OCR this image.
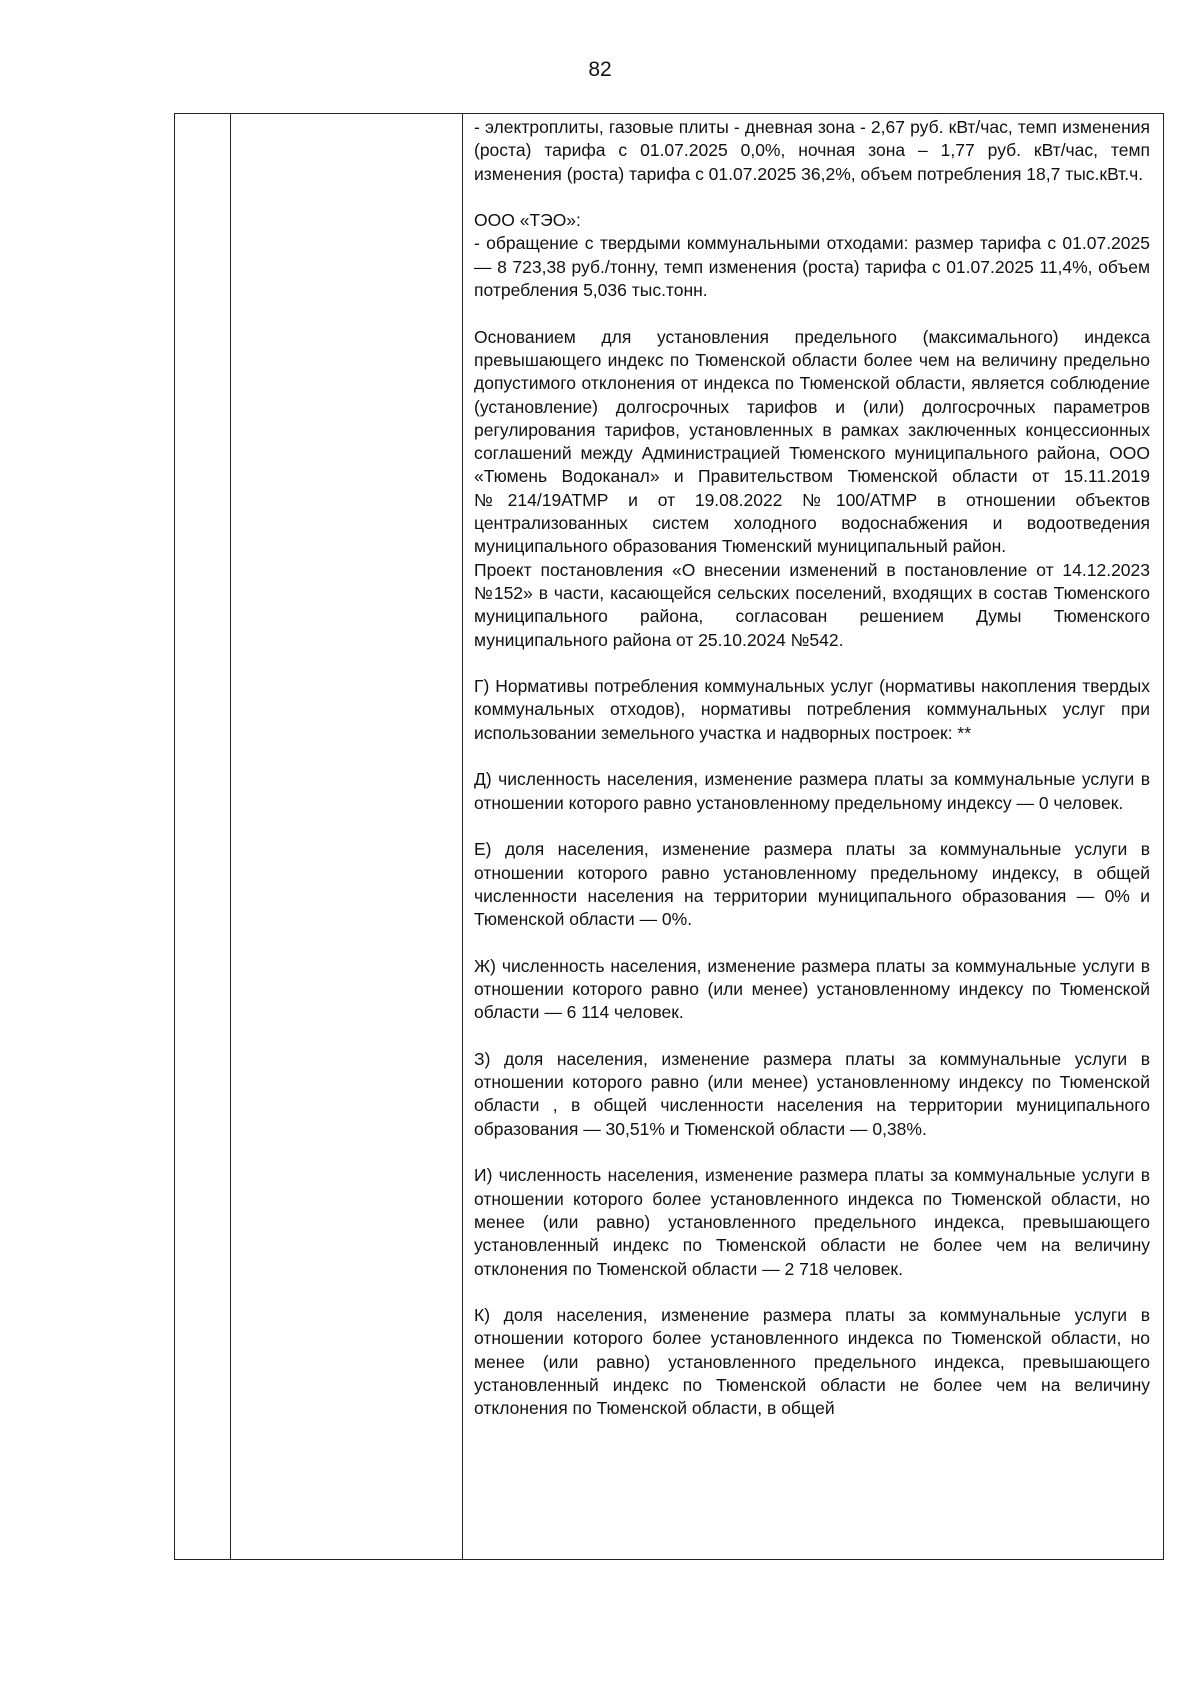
82

- электроплиты, газовые плиты - дневная зона - 2,67 руб. кВт/час, темп изменения (роста) тарифа с 01.07.2025 0,0%, ночная зона – 1,77 руб. кВт/час, темп изменения (роста) тарифа с 01.07.2025 36,2%, объем потребления 18,7 тыс.кВт.ч.

ООО «ТЭО»:

- обращение с твердыми коммунальными отходами: размер тарифа с 01.07.2025 — 8 723,38 руб./тонну, темп изменения (роста) тарифа с 01.07.2025 11,4%, объем потребления 5,036 тыс.тонн.

Основанием для установления предельного (максимального) индекса превышающего индекс по Тюменской области более чем на величину предельно допустимого отклонения от индекса по Тюменской области, является соблюдение (установление) долгосрочных тарифов и (или) долгосрочных параметров регулирования тарифов, установленных в рамках заключенных концессионных соглашений между Администрацией Тюменского муниципального района, ООО «Тюмень Водоканал» и Правительством Тюменской области от 15.11.2019 №214/19АТМР и от 19.08.2022 №100/АТМР в отношении объектов централизованных систем холодного водоснабжения и водоотведения муниципального образования Тюменский муниципальный район.

Проект постановления «О внесении изменений в постановление от 14.12.2023 №152» в части, касающейся сельских поселений, входящих в состав Тюменского муниципального района, согласован решением Думы Тюменского муниципального района от 25.10.2024 №542.

Г) Нормативы потребления коммунальных услуг (нормативы накопления твердых коммунальных отходов), нормативы потребления коммунальных услуг при использовании земельного участка и надворных построек: **

Д) численность населения, изменение размера платы за коммунальные услуги в отношении которого равно установленному предельному индексу — 0 человек.

Е) доля населения, изменение размера платы за коммунальные услуги в отношении которого равно установленному предельному индексу, в общей численности населения на территории муниципального образования — 0% и Тюменской области — 0%.

Ж) численность населения, изменение размера платы за коммунальные услуги в отношении которого равно (или менее) установленному индексу по Тюменской области — 6 114 человек.

З) доля населения, изменение размера платы за коммунальные услуги в отношении которого равно (или менее) установленному индексу по Тюменской области , в общей численности населения на территории муниципального образования — 30,51% и Тюменской области — 0,38%.

И) численность населения, изменение размера платы за коммунальные услуги в отношении которого более установленного индекса по Тюменской области, но менее (или равно) установленного предельного индекса, превышающего установленный индекс по Тюменской области не более чем на величину отклонения по Тюменской области — 2 718 человек.

К) доля населения, изменение размера платы за коммунальные услуги в отношении которого более установленного индекса по Тюменской области, но менее (или равно) установленного предельного индекса, превышающего установленный индекс по Тюменской области не более чем на величину отклонения по Тюменской области, в общей
